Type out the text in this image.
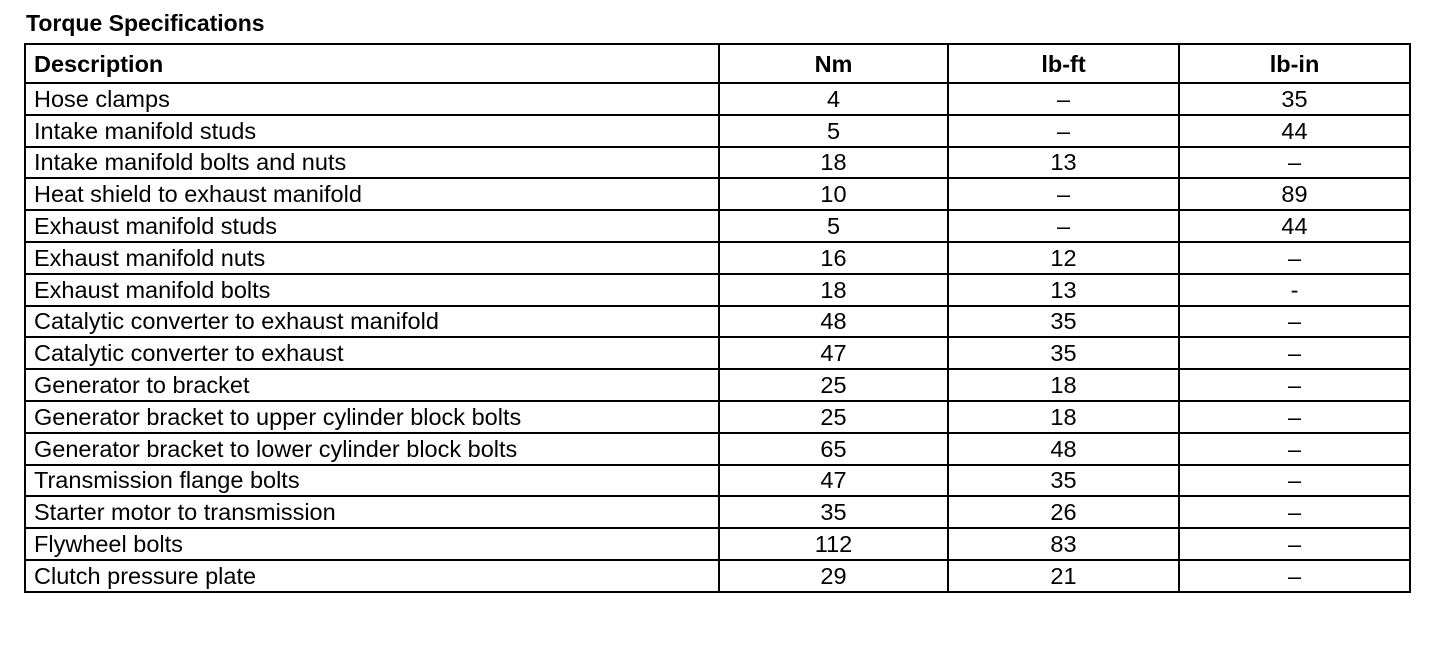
Torque Specifications
Description	Nm	lb-ft	lb-in
Hose clamps	4	–	35
Intake manifold studs	5	–	44
Intake manifold bolts and nuts	18	13	–
Heat shield to exhaust manifold	10	–	89
Exhaust manifold studs	5	–	44
Exhaust manifold nuts	16	12	–
Exhaust manifold bolts	18	13	-
Catalytic converter to exhaust manifold	48	35	–
Catalytic converter to exhaust	47	35	–
Generator to bracket	25	18	–
Generator bracket to upper cylinder block bolts	25	18	–
Generator bracket to lower cylinder block bolts	65	48	–
Transmission flange bolts	47	35	–
Starter motor to transmission	35	26	–
Flywheel bolts	112	83	–
Clutch pressure plate	29	21	–
